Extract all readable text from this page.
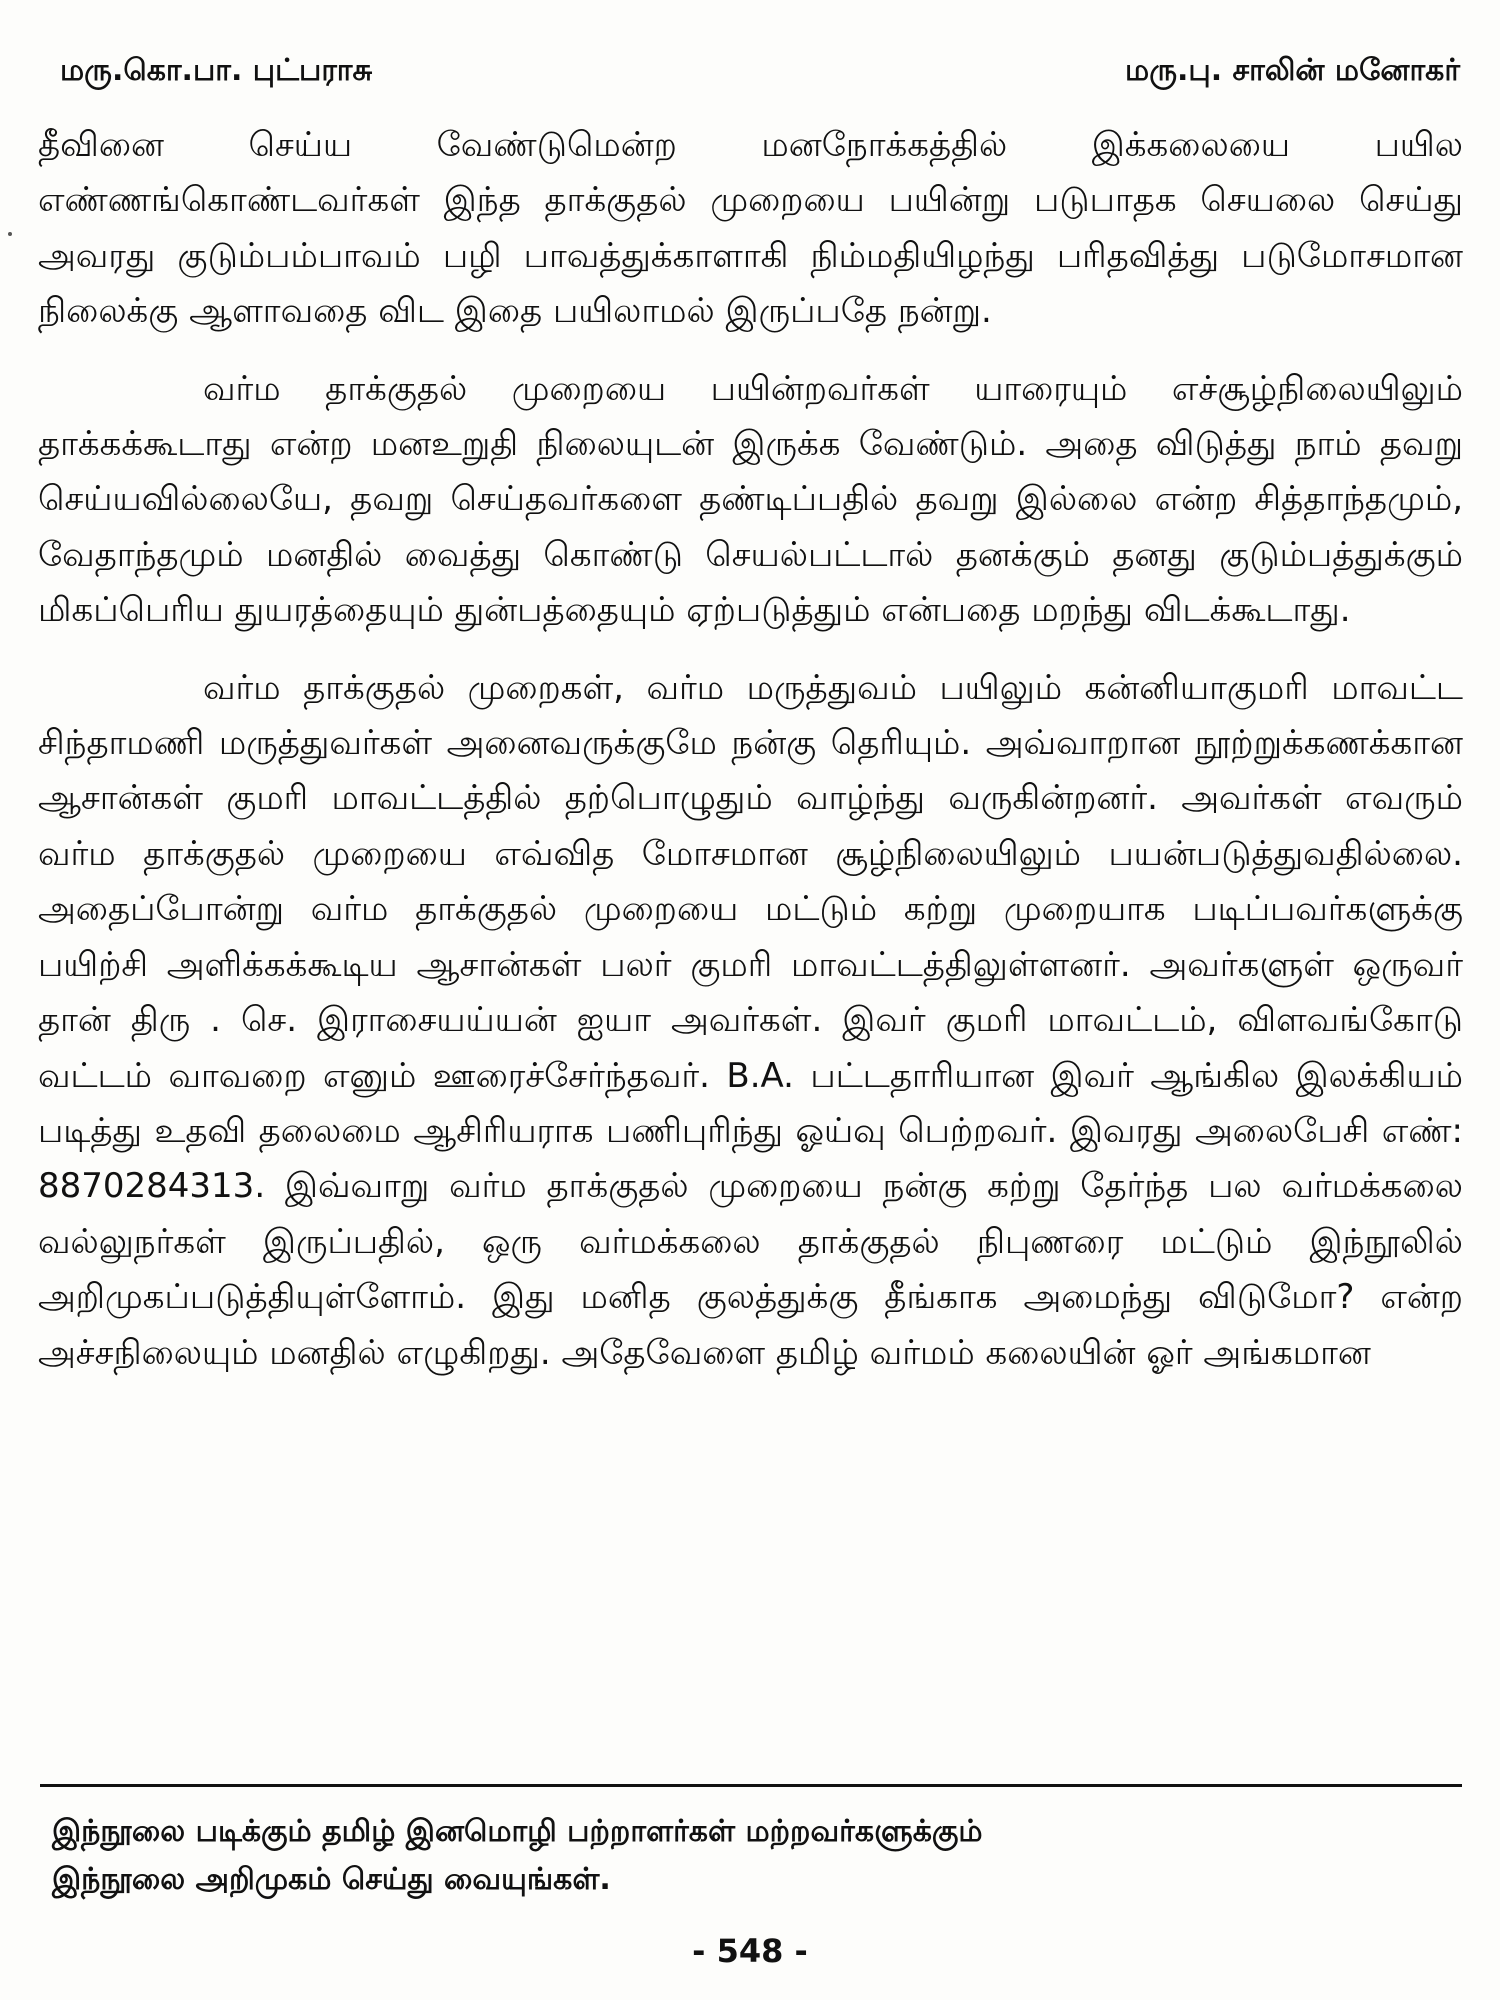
மரு.கொ.பா. புட்பராசு	மரு.பு. சாலின் மனோகர்

தீவினை செய்ய வேண்டுமென்ற மனநோக்கத்தில் இக்கலையை பயில எண்ணங்கொண்டவர்கள் இந்த தாக்குதல் முறையை பயின்று படுபாதக செயலை செய்து அவரது குடும்பம்பாவம் பழி பாவத்துக்காளாகி நிம்மதியிழந்து பரிதவித்து படுமோசமான நிலைக்கு ஆளாவதை விட இதை பயிலாமல் இருப்பதே நன்று.

வர்ம தாக்குதல் முறையை பயின்றவர்கள் யாரையும் எச்சூழ்நிலையிலும் தாக்கக்கூடாது என்ற மனஉறுதி நிலையுடன் இருக்க வேண்டும். அதை விடுத்து நாம் தவறு செய்யவில்லையே, தவறு செய்தவர்களை தண்டிப்பதில் தவறு இல்லை என்ற சித்தாந்தமும், வேதாந்தமும் மனதில் வைத்து கொண்டு செயல்பட்டால் தனக்கும் தனது குடும்பத்துக்கும் மிகப்பெரிய துயரத்தையும் துன்பத்தையும் ஏற்படுத்தும் என்பதை மறந்து விடக்கூடாது.

வர்ம தாக்குதல் முறைகள், வர்ம மருத்துவம் பயிலும் கன்னியாகுமரி மாவட்ட சிந்தாமணி மருத்துவர்கள் அனைவருக்குமே நன்கு தெரியும். அவ்வாறான நூற்றுக்கணக்கான ஆசான்கள் குமரி மாவட்டத்தில் தற்பொழுதும் வாழ்ந்து வருகின்றனர். அவர்கள் எவரும் வர்ம தாக்குதல் முறையை எவ்வித மோசமான சூழ்நிலையிலும் பயன்படுத்துவதில்லை. அதைப்போன்று வர்ம தாக்குதல் முறையை மட்டும் கற்று முறையாக படிப்பவர்களுக்கு பயிற்சி அளிக்கக்கூடிய ஆசான்கள் பலர் குமரி மாவட்டத்திலுள்ளனர். அவர்களுள் ஒருவர் தான் திரு . செ. இராசையய்யன் ஐயா அவர்கள். இவர் குமரி மாவட்டம், விளவங்கோடு வட்டம் வாவறை எனும் ஊரைச்சேர்ந்தவர். B.A. பட்டதாரியான இவர் ஆங்கில இலக்கியம் படித்து உதவி தலைமை ஆசிரியராக பணிபுரிந்து ஓய்வு பெற்றவர். இவரது அலைபேசி எண்: 8870284313. இவ்வாறு வர்ம தாக்குதல் முறையை நன்கு கற்று தேர்ந்த பல வர்மக்கலை வல்லுநர்கள் இருப்பதில், ஒரு வர்மக்கலை தாக்குதல் நிபுணரை மட்டும் இந்நூலில் அறிமுகப்படுத்தியுள்ளோம். இது மனித குலத்துக்கு தீங்காக அமைந்து விடுமோ? என்ற அச்சநிலையும் மனதில் எழுகிறது. அதேவேளை தமிழ் வர்மம் கலையின் ஓர் அங்கமான

இந்நூலை படிக்கும் தமிழ் இனமொழி பற்றாளர்கள் மற்றவர்களுக்கும்
இந்நூலை அறிமுகம் செய்து வையுங்கள்.
- 548 -
